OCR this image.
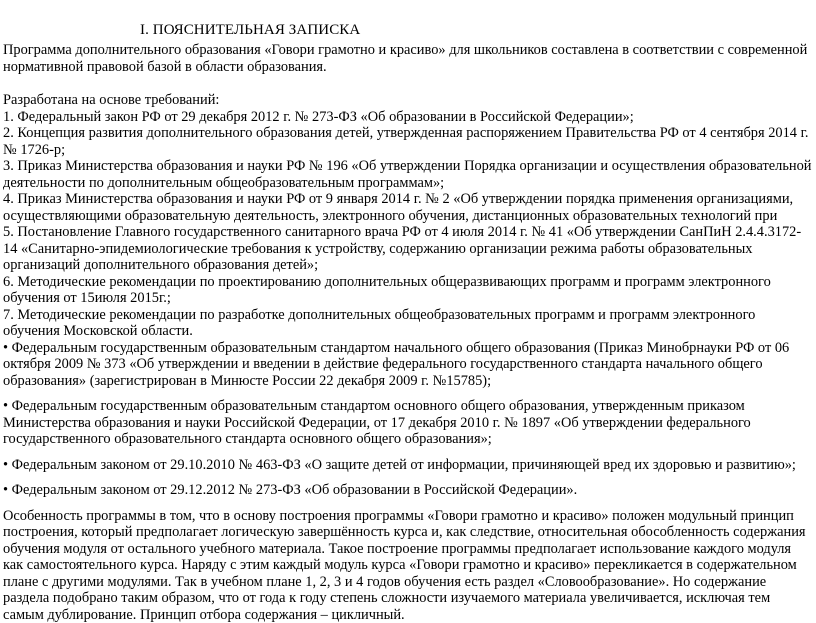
I. ПОЯСНИТЕЛЬНАЯ ЗАПИСКА

Программа дополнительного образования «Говори грамотно и красиво» для школьников составлена в соответствии с современной нормативной правовой базой в области образования.

Разработана на основе требований:

1. Федеральный закон РФ от 29 декабря 2012 г. № 273-ФЗ «Об образовании в Российской Федерации»;

2. Концепция развития дополнительного образования детей, утвержденная распоряжением Правительства РФ от 4 сентября 2014 г. № 1726-р;

3. Приказ Министерства образования и науки РФ № 196 «Об утверждении Порядка организации и осуществления образовательной деятельности по дополнительным общеобразовательным программам»;

4. Приказ Министерства образования и науки РФ от 9 января 2014 г. № 2 «Об утверждении порядка применения организациями, осуществляющими образовательную деятельность, электронного обучения, дистанционных образовательных технологий при

5. Постановление Главного государственного санитарного врача РФ от 4 июля 2014 г. № 41 «Об утверждении СанПиН 2.4.4.3172-14 «Санитарно-эпидемиологические требования к устройству, содержанию организации режима работы образовательных организаций дополнительного образования детей»;

6. Методические рекомендации по проектированию дополнительных общеразвивающих программ и программ электронного обучения от 15июля 2015г.;

7. Методические рекомендации по разработке дополнительных общеобразовательных программ и программ электронного обучения Московской области.

• Федеральным государственным образовательным стандартом начального общего образования (Приказ Минобрнауки РФ от 06 октября 2009 № 373 «Об утверждении и введении в действие федерального государственного стандарта начального общего образования» (зарегистрирован в Минюсте России 22 декабря 2009 г. №15785);

• Федеральным государственным образовательным стандартом основного общего образования, утвержденным приказом Министерства образования и науки Российской Федерации, от 17 декабря 2010 г. № 1897 «Об утверждении федерального государственного образовательного стандарта основного общего образования»;

• Федеральным законом от 29.10.2010 № 463-ФЗ «О защите детей от информации, причиняющей вред их здоровью и развитию»;

• Федеральным законом от 29.12.2012 № 273-ФЗ «Об образовании в Российской Федерации».

Особенность программы в том, что в основу построения программы «Говори грамотно и красиво» положен модульный принцип построения, который предполагает логическую завершённость курса и, как следствие, относительная обособленность содержания обучения модуля от остального учебного материала. Такое построение программы предполагает использование каждого модуля как самостоятельного курса. Наряду с этим каждый модуль курса «Говори грамотно и красиво» перекликается в содержательном плане с другими модулями. Так в учебном плане 1, 2, 3 и 4 годов обучения есть раздел «Словообразование». Но содержание раздела подобрано таким образом, что от года к году степень сложности изучаемого материала увеличивается, исключая тем самым дублирование. Принцип отбора содержания – цикличный.
